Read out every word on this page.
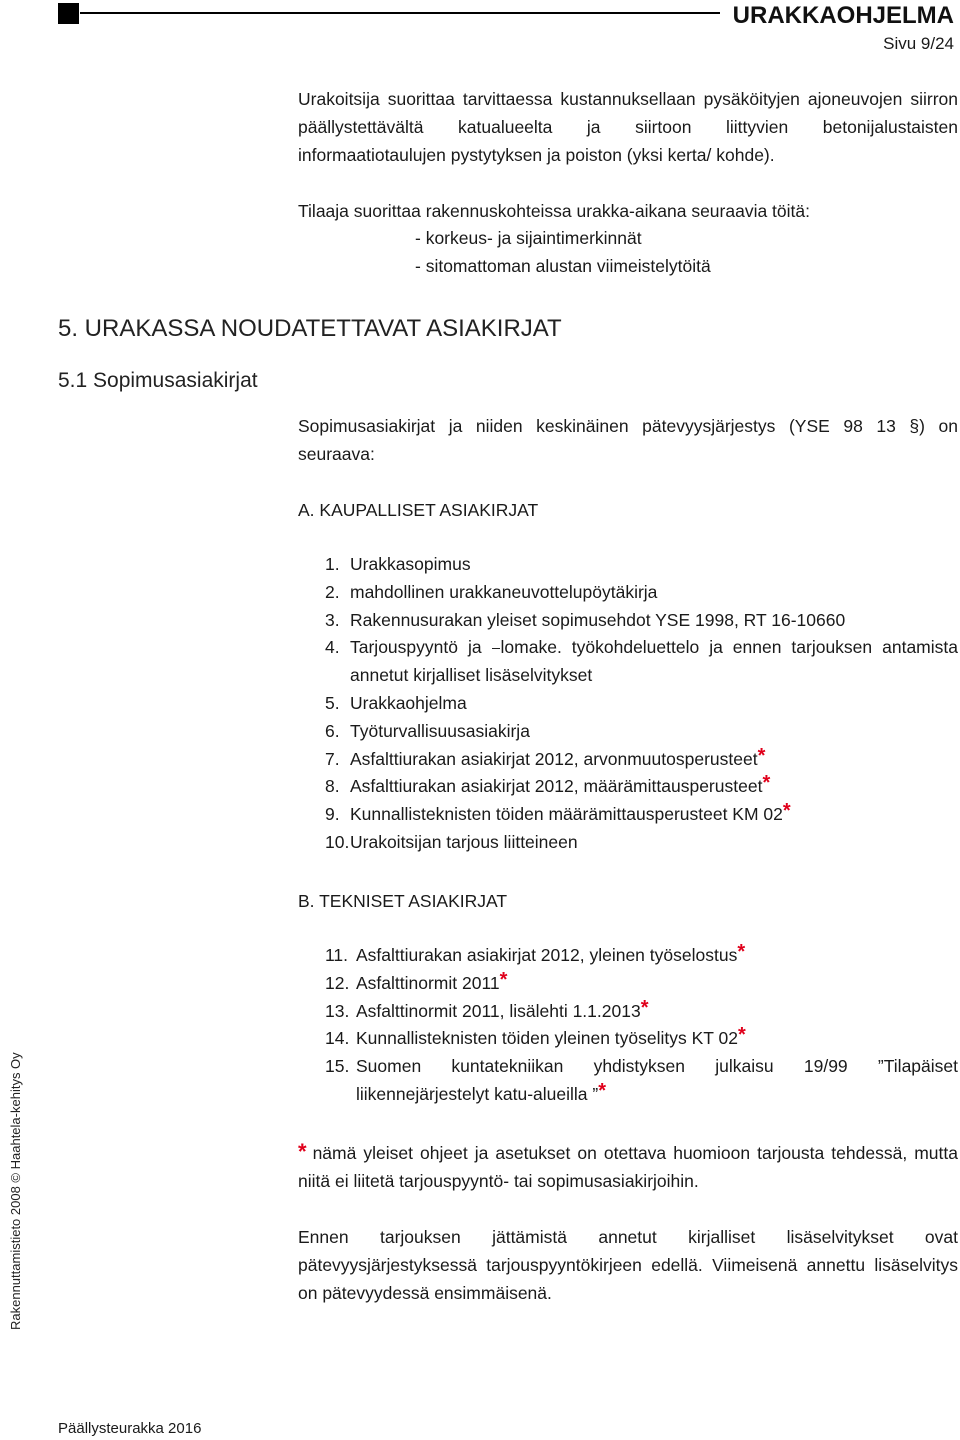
URAKKAOHJELMA
Sivu 9/24

Urakoitsija suorittaa tarvittaessa kustannuksellaan pysäköityjen ajoneuvojen siirron päällystettävältä katualueelta ja siirtoon liittyvien betonijalustaisten informaatiotaulujen pystytyksen ja poiston (yksi kerta/ kohde).

Tilaaja suorittaa rakennuskohteissa urakka-aikana seuraavia töitä:

- korkeus- ja sijaintimerkinnät
- sitomattoman alustan viimeistelytöitä
5. URAKASSA NOUDATETTAVAT ASIAKIRJAT
5.1 Sopimusasiakirjat

Sopimusasiakirjat ja niiden keskinäinen pätevyysjärjestys (YSE 98 13 §) on seuraava:

A. KAUPALLISET ASIAKIRJAT
1. Urakkasopimus
2. mahdollinen urakkaneuvottelupöytäkirja
3. Rakennusurakan yleiset sopimusehdot YSE 1998, RT 16-10660
4. Tarjouspyyntö ja lomake. työkohdeluettelo ja ennen tarjouksen antamista annetut kirjalliset lisäselvitykset
5. Urakkaohjelma
6. Työturvallisuusasiakirja
7. Asfalttiurakan asiakirjat 2012, arvonmuutosperusteet*
8. Asfalttiurakan asiakirjat 2012, määrämittausperusteet*
9. Kunnallisteknisten töiden määrämittausperusteet KM 02*
10. Urakoitsijan tarjous liitteineen
B. TEKNISET ASIAKIRJAT
11. Asfalttiurakan asiakirjat 2012, yleinen työselostus*
12. Asfalttinormit 2011*
13. Asfalttinormit 2011, lisälehti 1.1.2013*
14. Kunnallisteknisten töiden yleinen työselitys KT 02*
15. Suomen kuntatekniikan yhdistyksen julkaisu 19/99 ”Tilapäiset liikennejärjestelyt katu-alueilla ”*

* nämä yleiset ohjeet ja asetukset on otettava huomioon tarjousta tehdessä, mutta niitä ei liitetä tarjouspyyntö- tai sopimusasiakirjoihin.

Ennen tarjouksen jättämistä annetut kirjalliset lisäselvitykset ovat pätevyysjärjestyksessä tarjouspyyntökirjeen edellä. Viimeisenä annettu lisäselvitys on pätevyydessä ensimmäisenä.

Rakennuttamistieto 2008 © Haahtela-kehitys Oy
Päällysteurakka 2016
